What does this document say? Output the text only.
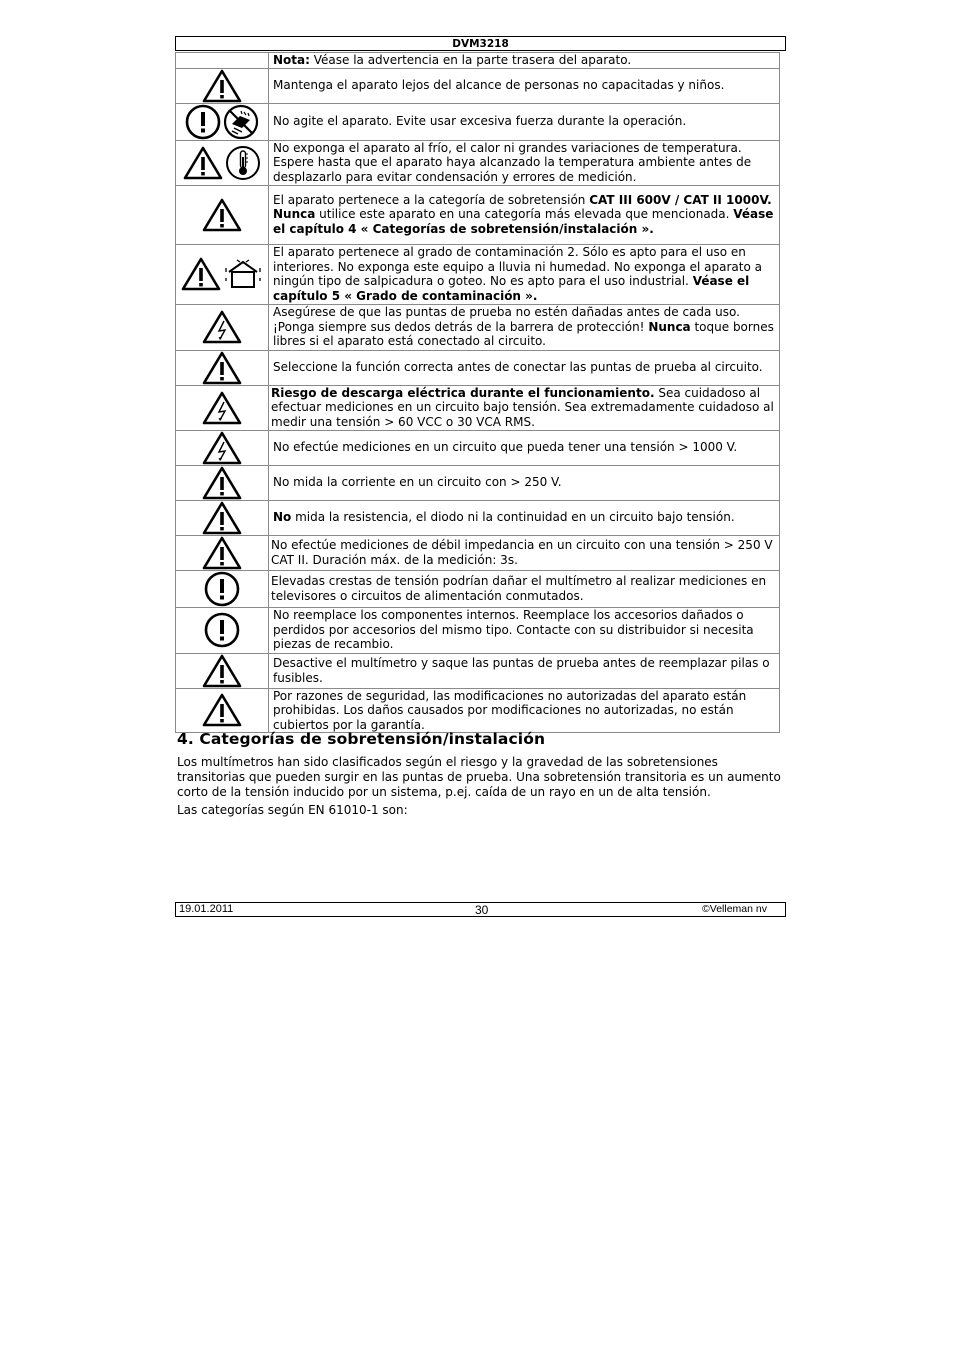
DVM3218
	Nota: Véase la advertencia en la parte trasera del aparato.
	Mantenga el aparato lejos del alcance de personas no capacitadas y niños.
	No agite el aparato. Evite usar excesiva fuerza durante la operación.
	No exponga el aparato al frío, el calor ni grandes variaciones de temperatura. Espere hasta que el aparato haya alcanzado la temperatura ambiente antes de desplazarlo para evitar condensación y errores de medición.
	El aparato pertenece a la categoría de sobretensión CAT III 600V / CAT II 1000V. Nunca utilice este aparato en una categoría más elevada que mencionada. Véase el capítulo 4 « Categorías de sobretensión/instalación ».
	El aparato pertenece al grado de contaminación 2. Sólo es apto para el uso en interiores. No exponga este equipo a lluvia ni humedad. No exponga el aparato a ningún tipo de salpicadura o goteo. No es apto para el uso industrial. Véase el capítulo 5 « Grado de contaminación ».
	Asegúrese de que las puntas de prueba no estén dañadas antes de cada uso. ¡Ponga siempre sus dedos detrás de la barrera de protección! Nunca toque bornes libres si el aparato está conectado al circuito.
	Seleccione la función correcta antes de conectar las puntas de prueba al circuito.
	Riesgo de descarga eléctrica durante el funcionamiento. Sea cuidadoso al efectuar mediciones en un circuito bajo tensión. Sea extremadamente cuidadoso al medir una tensión > 60 VCC o 30 VCA RMS.
	No efectúe mediciones en un circuito que pueda tener una tensión > 1000 V.
	No mida la corriente en un circuito con > 250 V.
	No mida la resistencia, el diodo ni la continuidad en un circuito bajo tensión.
	No efectúe mediciones de débil impedancia en un circuito con una tensión > 250 V CAT II. Duración máx. de la medición: 3s.
	Elevadas crestas de tensión podrían dañar el multímetro al realizar mediciones en televisores o circuitos de alimentación conmutados.
	No reemplace los componentes internos. Reemplace los accesorios dañados o perdidos por accesorios del mismo tipo. Contacte con su distribuidor si necesita piezas de recambio.
	Desactive el multímetro y saque las puntas de prueba antes de reemplazar pilas o fusibles.
	Por razones de seguridad, las modificaciones no autorizadas del aparato están prohibidas. Los daños causados por modificaciones no autorizadas, no están cubiertos por la garantía.
4. Categorías de sobretensión/instalación

Los multímetros han sido clasificados según el riesgo y la gravedad de las sobretensiones transitorias que pueden surgir en las puntas de prueba. Una sobretensión transitoria es un aumento corto de la tensión inducido por un sistema, p.ej. caída de un rayo en un de alta tensión.

Las categorías según EN 61010-1 son:

19.01.2011	30	©Velleman nv
